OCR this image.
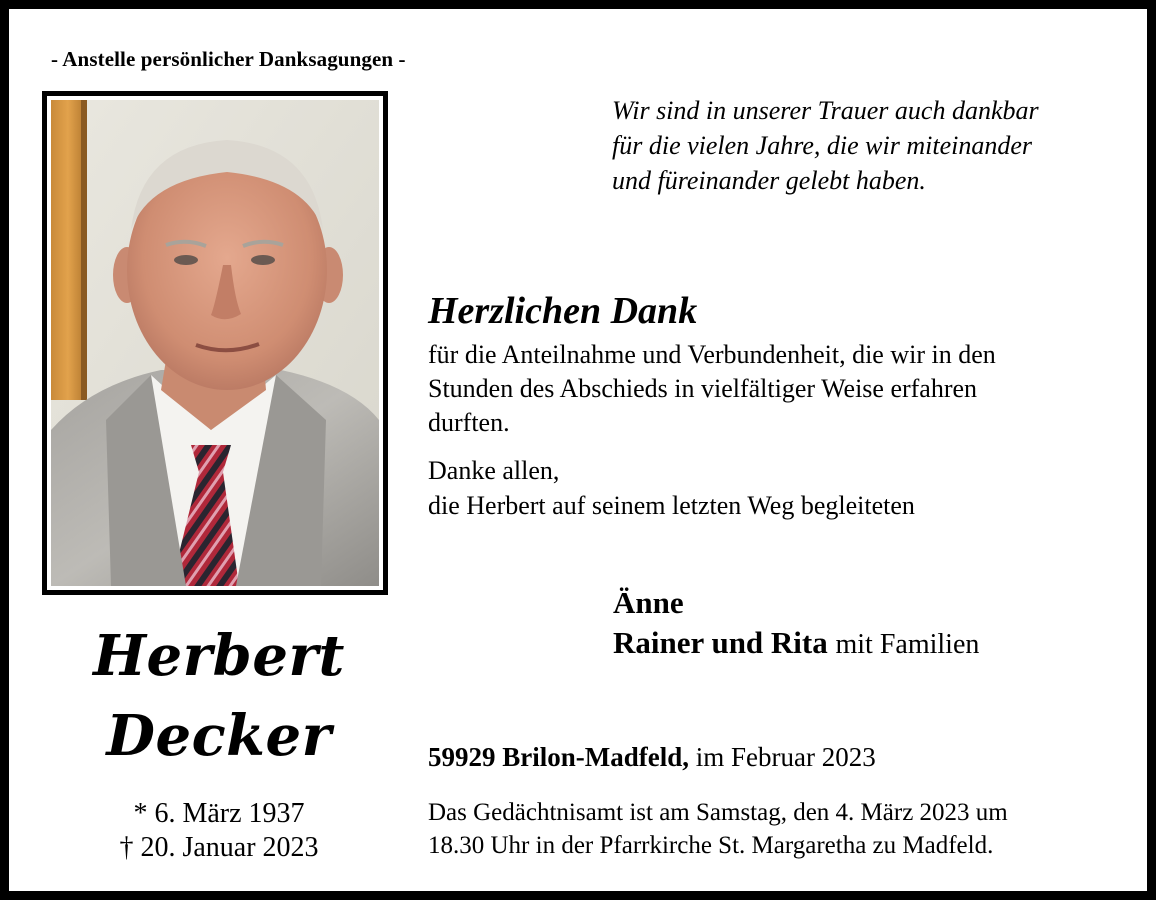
- Anstelle persönlicher Danksagungen -
Wir sind in unserer Trauer auch dankbar
für die vielen Jahre, die wir miteinander
und füreinander gelebt haben.
Herzlichen Dank
für die Anteilnahme und Verbundenheit, die wir in den
Stunden des Abschieds in vielfältiger Weise erfahren
durften.
Danke allen,
die Herbert auf seinem letzten Weg begleiteten
Änne
Rainer und Rita mit Familien
Herbert
Decker
* 6. März 1937
† 20. Januar 2023
59929 Brilon-Madfeld, im Februar 2023
Das Gedächtnisamt ist am Samstag, den 4. März 2023 um
18.30 Uhr in der Pfarrkirche St. Margaretha zu Madfeld.
